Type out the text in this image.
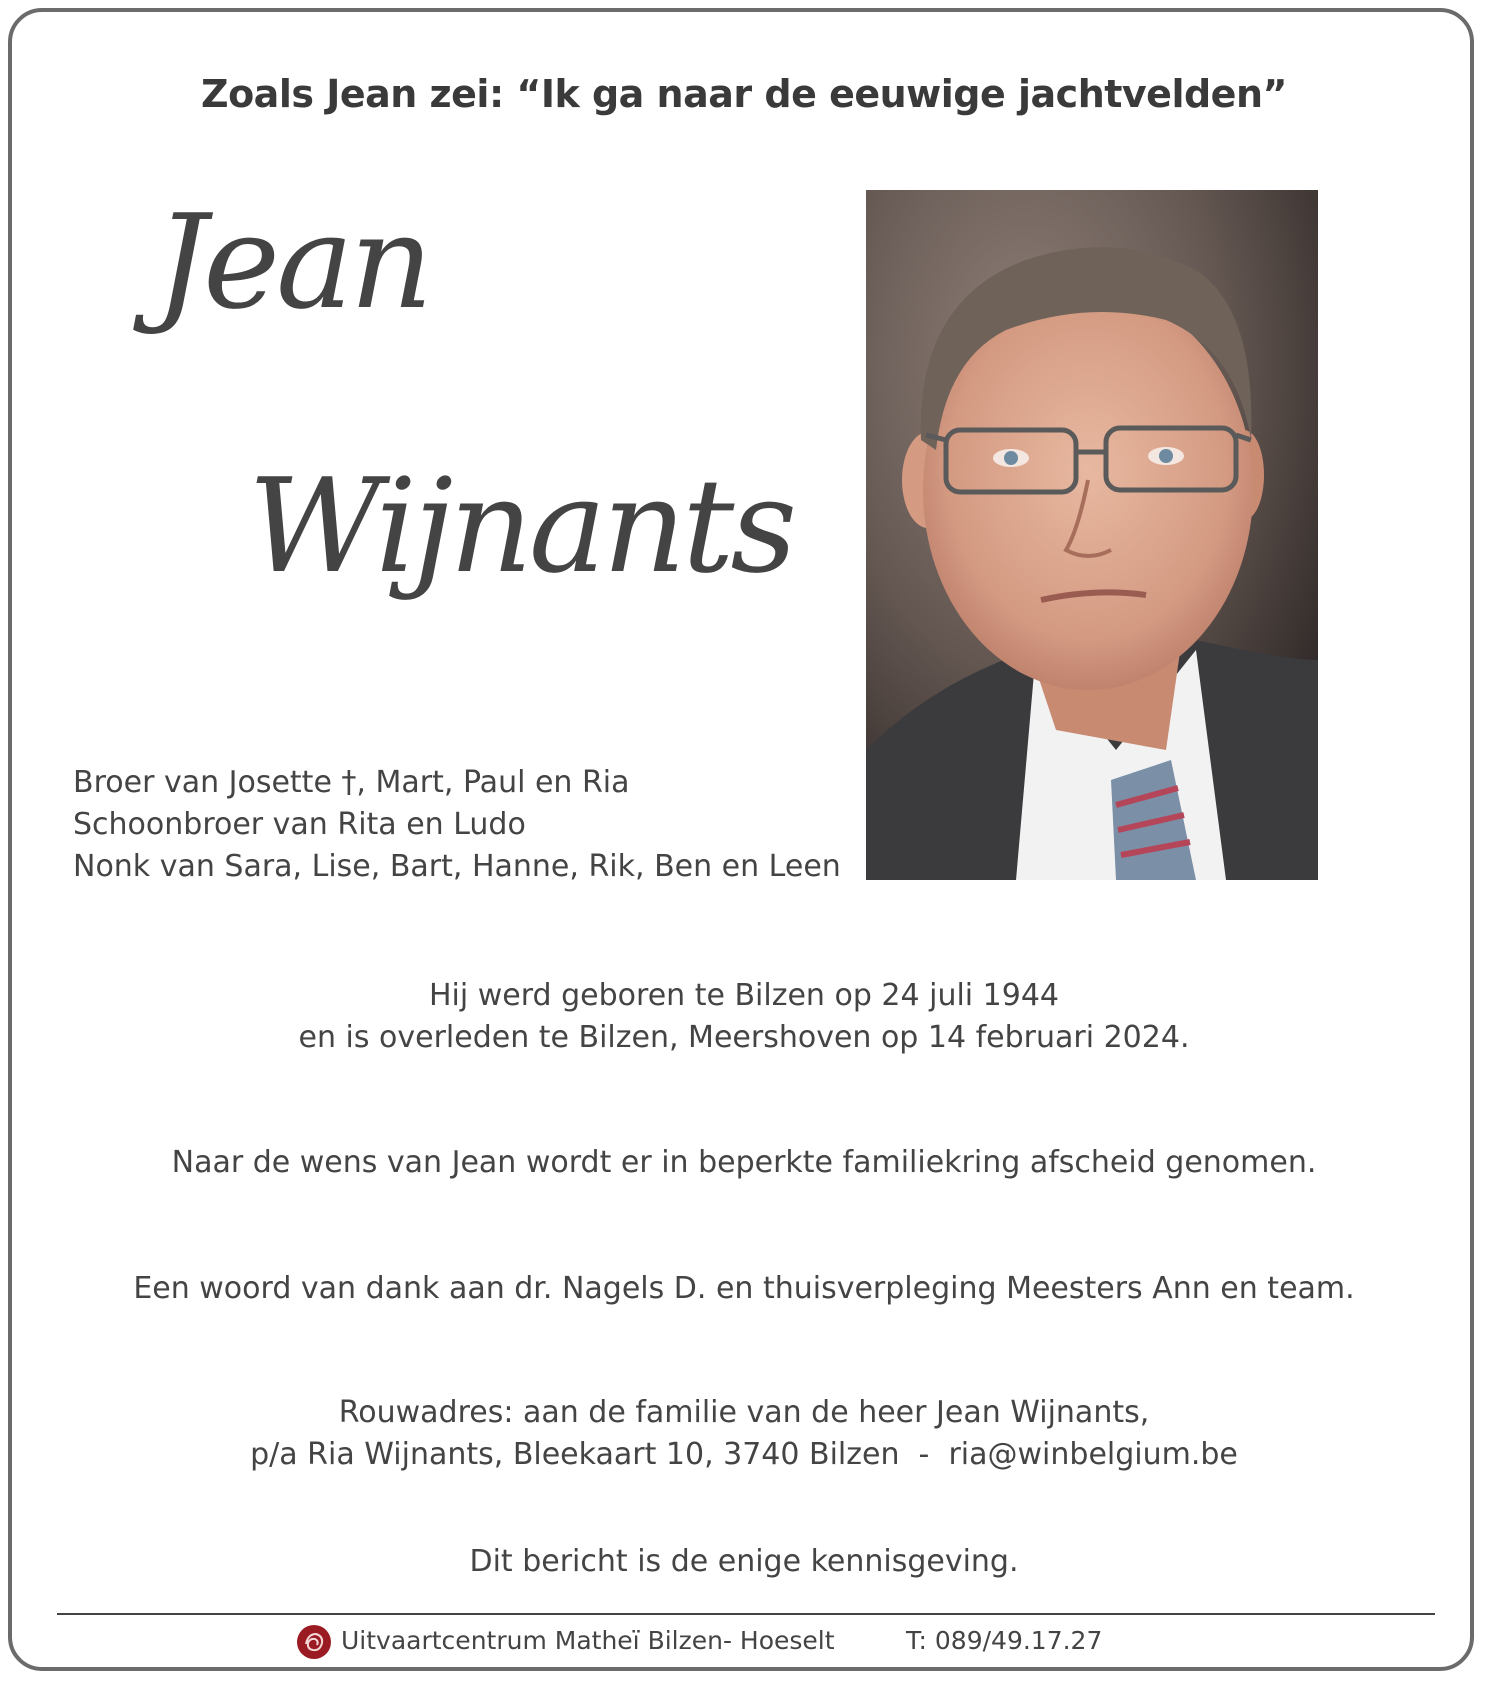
Zoals Jean zei: “Ik ga naar de eeuwige jachtvelden”
Jean
Wijnants
Broer van Josette †, Mart, Paul en Ria
Schoonbroer van Rita en Ludo
Nonk van Sara, Lise, Bart, Hanne, Rik, Ben en Leen
Hij werd geboren te Bilzen op 24 juli 1944
en is overleden te Bilzen, Meershoven op 14 februari 2024.
Naar de wens van Jean wordt er in beperkte familiekring afscheid genomen.
Een woord van dank aan dr. Nagels D. en thuisverpleging Meesters Ann en team.
Rouwadres: aan de familie van de heer Jean Wijnants,
p/a Ria Wijnants, Bleekaart 10, 3740 Bilzen  -  ria@winbelgium.be
Dit bericht is de enige kennisgeving.
Uitvaartcentrum Matheï Bilzen- Hoeselt	T: 089/49.17.27
